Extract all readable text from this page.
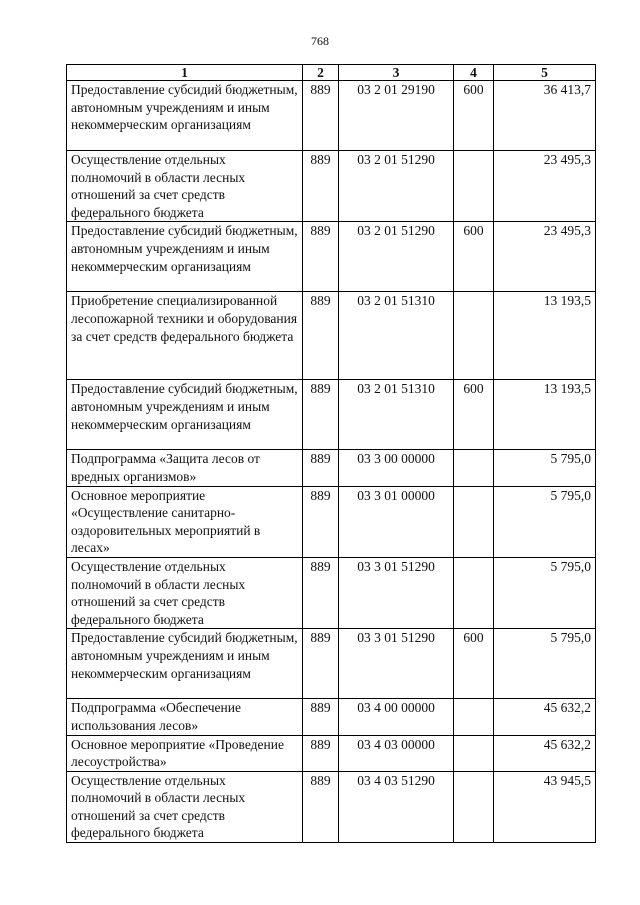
768
1	2	3	4	5
Предоставление субсидий бюджетным, автономным учреждениям и иным некоммерческим организациям	889	03 2 01 29190	600	36 413,7
Осуществление отдельных полномочий в области лесных отношений за счет средств федерального бюджета	889	03 2 01 51290		23 495,3
Предоставление субсидий бюджетным, автономным учреждениям и иным некоммерческим организациям	889	03 2 01 51290	600	23 495,3
Приобретение специализированной лесопожарной техники и оборудования за счет средств федерального бюджета	889	03 2 01 51310		13 193,5
Предоставление субсидий бюджетным, автономным учреждениям и иным некоммерческим организациям	889	03 2 01 51310	600	13 193,5
Подпрограмма «Защита лесов от вредных организмов»	889	03 3 00 00000		5 795,0
Основное мероприятие «Осуществление санитарно-оздоровительных мероприятий в лесах»	889	03 3 01 00000		5 795,0
Осуществление отдельных полномочий в области лесных отношений за счет средств федерального бюджета	889	03 3 01 51290		5 795,0
Предоставление субсидий бюджетным, автономным учреждениям и иным некоммерческим организациям	889	03 3 01 51290	600	5 795,0
Подпрограмма «Обеспечение использования лесов»	889	03 4 00 00000		45 632,2
Основное мероприятие «Проведение лесоустройства»	889	03 4 03 00000		45 632,2
Осуществление отдельных полномочий в области лесных отношений за счет средств федерального бюджета	889	03 4 03 51290		43 945,5
